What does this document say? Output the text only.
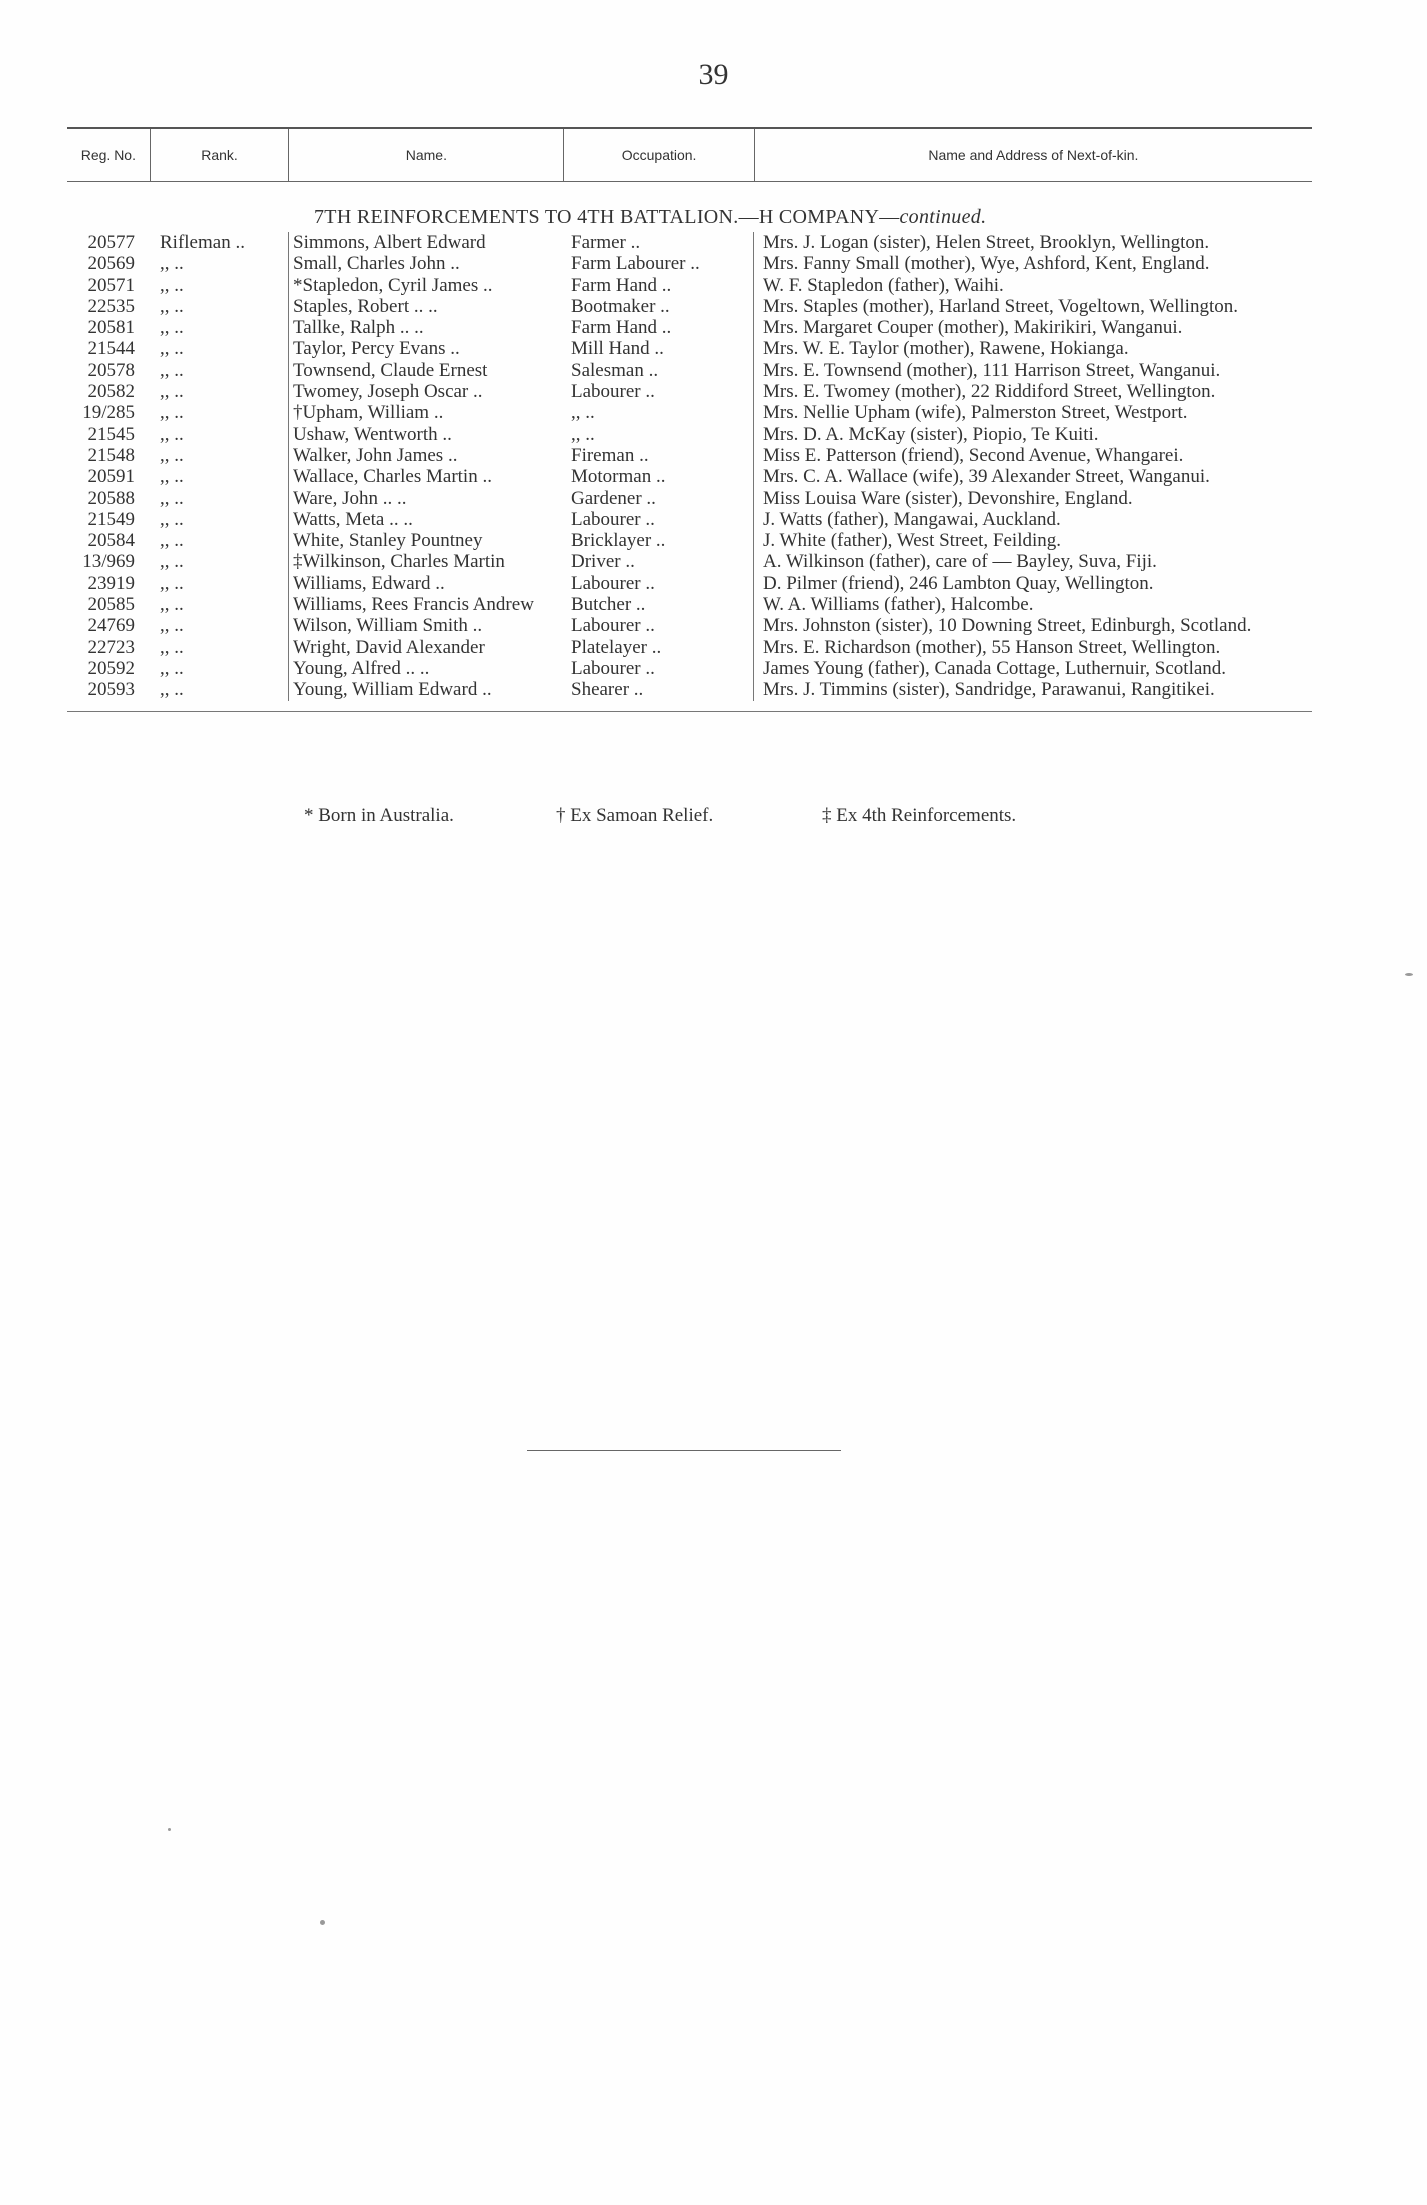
39
Reg. No.	Rank.	Name.	Occupation.	Name and Address of Next-of-kin.
7TH REINFORCEMENTS TO 4TH BATTALION.—H COMPANY—continued.
20577	Rifleman ..	Simmons, Albert Edward	Farmer ..	Mrs. J. Logan (sister), Helen Street, Brooklyn, Wellington.
20569	,, ..	Small, Charles John ..	Farm Labourer ..	Mrs. Fanny Small (mother), Wye, Ashford, Kent, England.
20571	,, ..	*Stapledon, Cyril James ..	Farm Hand ..	W. F. Stapledon (father), Waihi.
22535	,, ..	Staples, Robert .. ..	Bootmaker ..	Mrs. Staples (mother), Harland Street, Vogeltown, Wellington.
20581	,, ..	Tallke, Ralph .. ..	Farm Hand ..	Mrs. Margaret Couper (mother), Makirikiri, Wanganui.
21544	,, ..	Taylor, Percy Evans ..	Mill Hand ..	Mrs. W. E. Taylor (mother), Rawene, Hokianga.
20578	,, ..	Townsend, Claude Ernest	Salesman ..	Mrs. E. Townsend (mother), 111 Harrison Street, Wanganui.
20582	,, ..	Twomey, Joseph Oscar ..	Labourer ..	Mrs. E. Twomey (mother), 22 Riddiford Street, Wellington.
19/285	,, ..	†Upham, William ..	,, ..	Mrs. Nellie Upham (wife), Palmerston Street, Westport.
21545	,, ..	Ushaw, Wentworth ..	,, ..	Mrs. D. A. McKay (sister), Piopio, Te Kuiti.
21548	,, ..	Walker, John James ..	Fireman ..	Miss E. Patterson (friend), Second Avenue, Whangarei.
20591	,, ..	Wallace, Charles Martin ..	Motorman ..	Mrs. C. A. Wallace (wife), 39 Alexander Street, Wanganui.
20588	,, ..	Ware, John .. ..	Gardener ..	Miss Louisa Ware (sister), Devonshire, England.
21549	,, ..	Watts, Meta .. ..	Labourer ..	J. Watts (father), Mangawai, Auckland.
20584	,, ..	White, Stanley Pountney	Bricklayer ..	J. White (father), West Street, Feilding.
13/969	,, ..	‡Wilkinson, Charles Martin	Driver ..	A. Wilkinson (father), care of — Bayley, Suva, Fiji.
23919	,, ..	Williams, Edward ..	Labourer ..	D. Pilmer (friend), 246 Lambton Quay, Wellington.
20585	,, ..	Williams, Rees Francis Andrew	Butcher ..	W. A. Williams (father), Halcombe.
24769	,, ..	Wilson, William Smith ..	Labourer ..	Mrs. Johnston (sister), 10 Downing Street, Edinburgh, Scotland.
22723	,, ..	Wright, David Alexander	Platelayer ..	Mrs. E. Richardson (mother), 55 Hanson Street, Wellington.
20592	,, ..	Young, Alfred .. ..	Labourer ..	James Young (father), Canada Cottage, Luthernuir, Scotland.
20593	,, ..	Young, William Edward ..	Shearer ..	Mrs. J. Timmins (sister), Sandridge, Parawanui, Rangitikei.
* Born in Australia.	† Ex Samoan Relief.	‡ Ex 4th Reinforcements.
